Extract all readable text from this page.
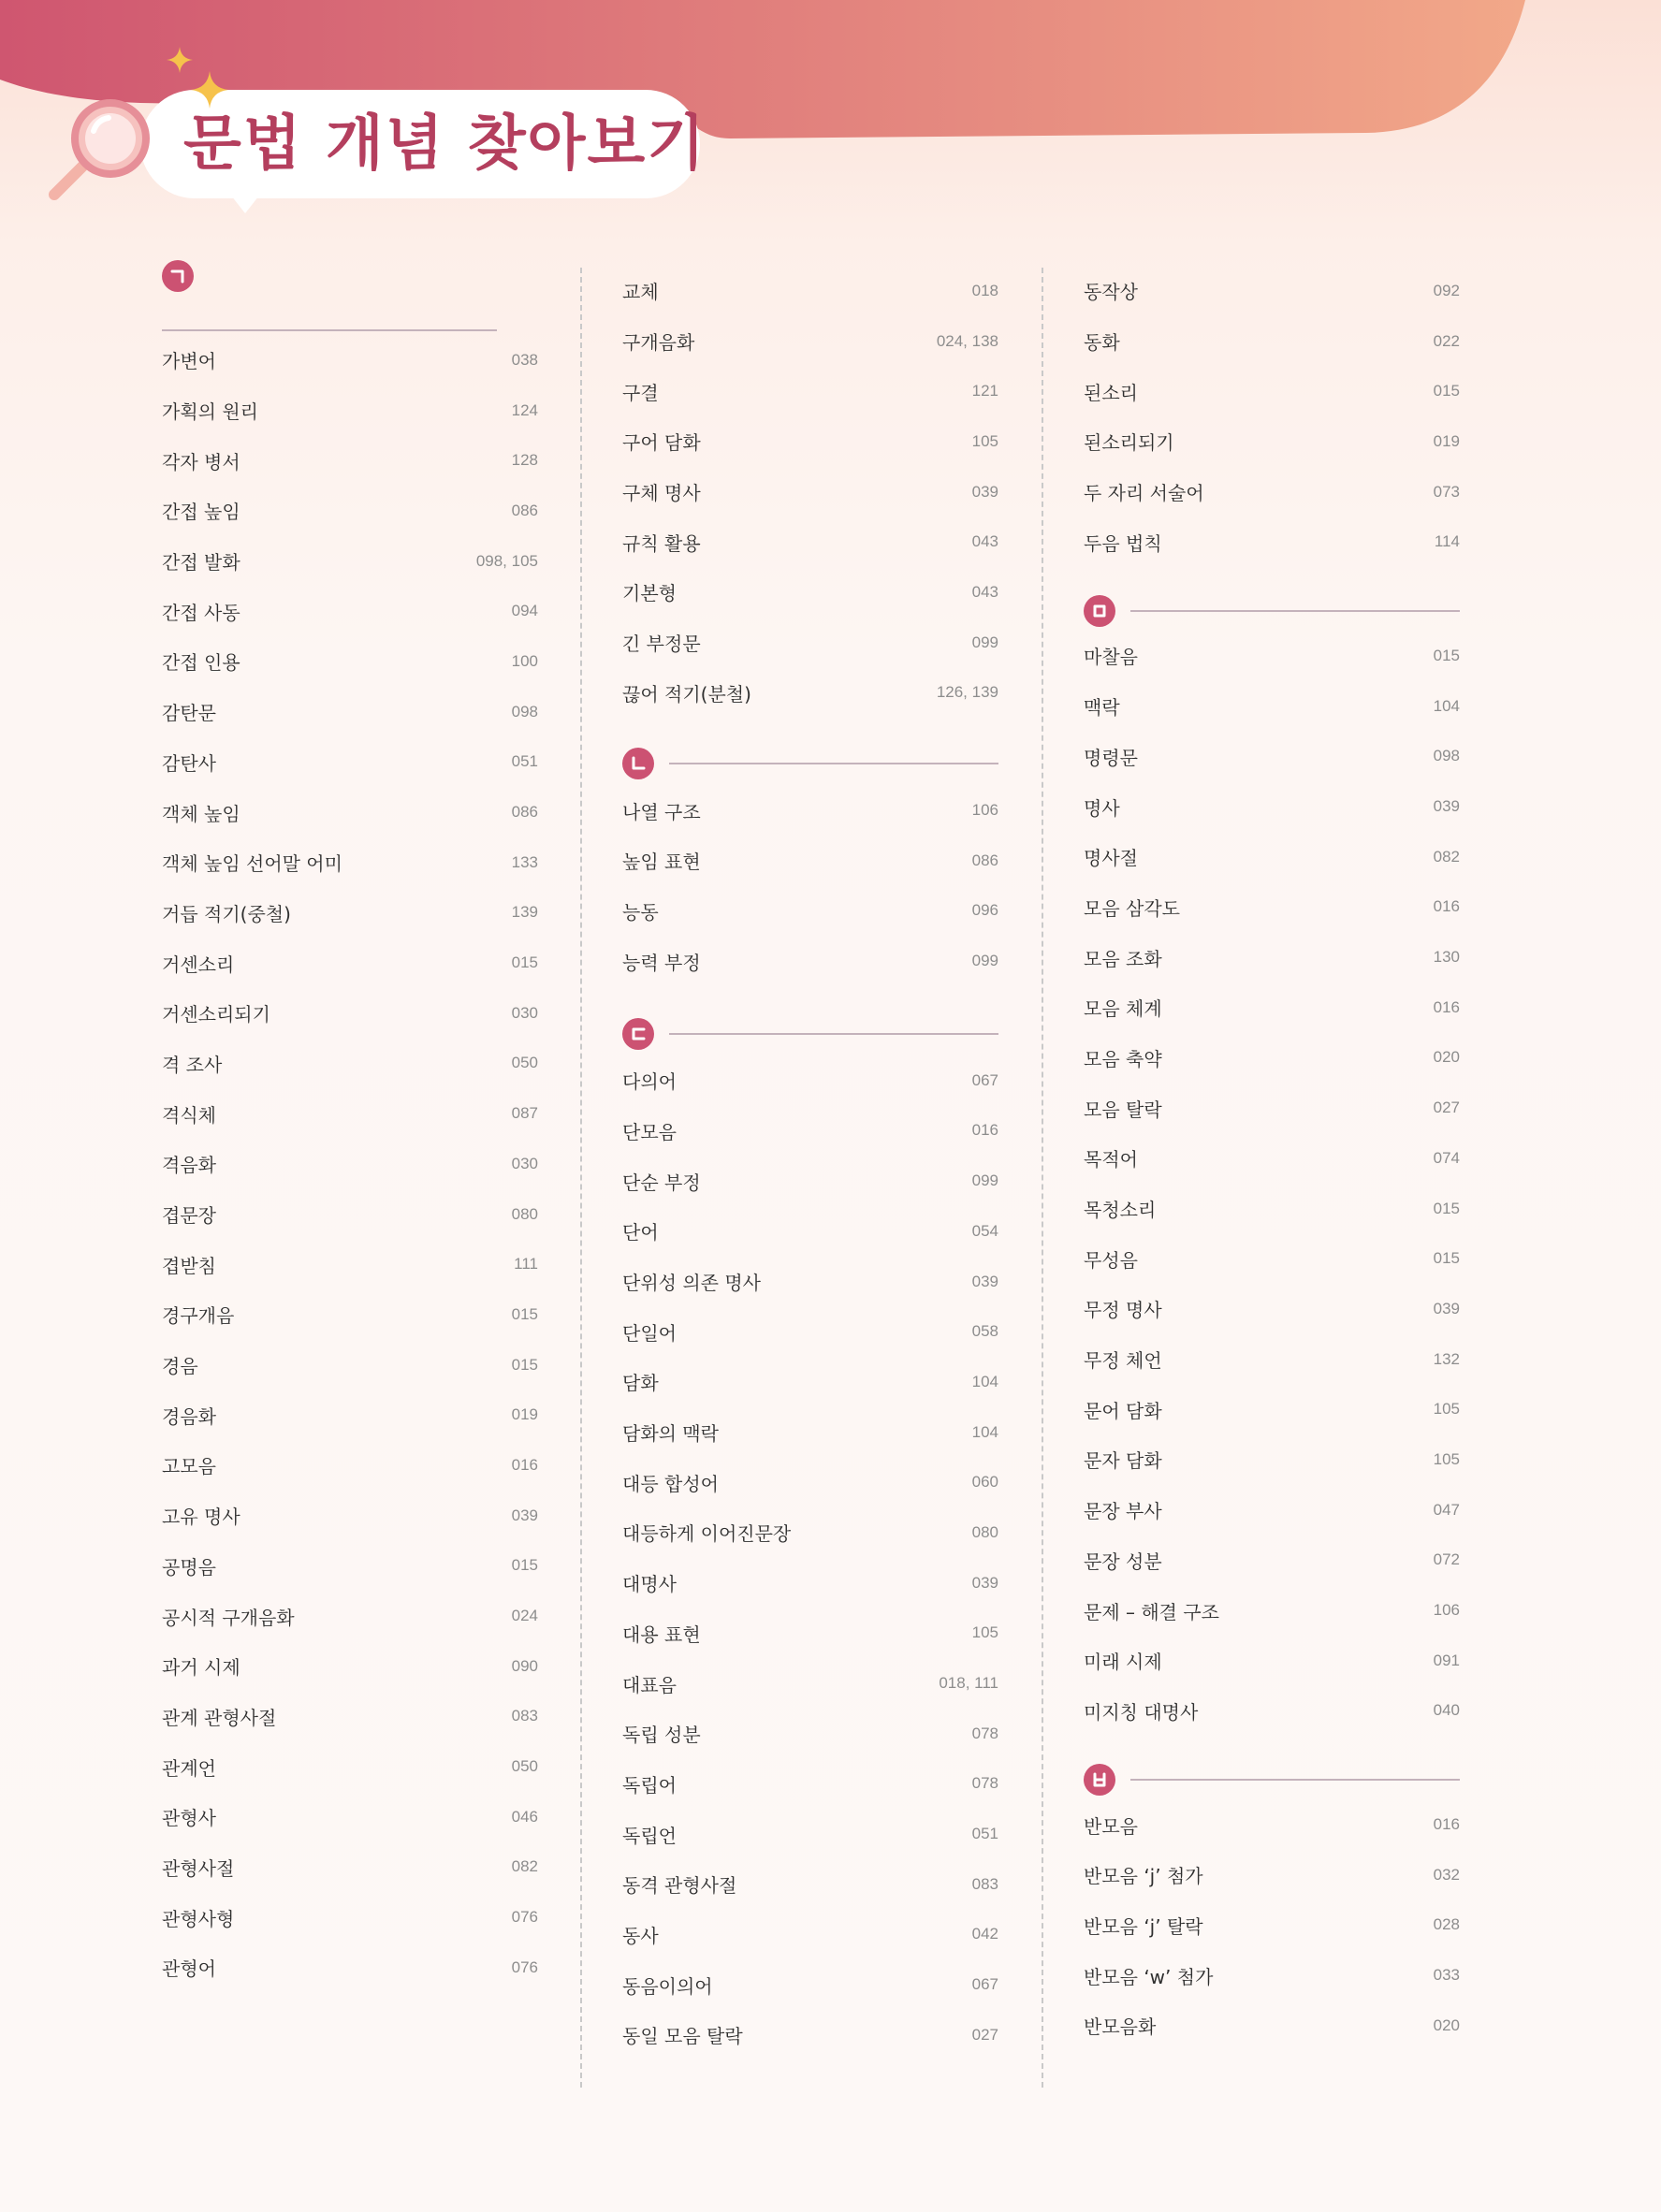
문법 개념 찾아보기
가변어	038
가획의 원리	124
각자 병서	128
간접 높임	086
간접 발화	098, 105
간접 사동	094
간접 인용	100
감탄문	098
감탄사	051
객체 높임	086
객체 높임 선어말 어미	133
거듭 적기(중철)	139
거센소리	015
거센소리되기	030
격 조사	050
격식체	087
격음화	030
겹문장	080
겹받침	111
경구개음	015
경음	015
경음화	019
고모음	016
고유 명사	039
공명음	015
공시적 구개음화	024
과거 시제	090
관계 관형사절	083
관계언	050
관형사	046
관형사절	082
관형사형	076
관형어	076
교체	018
구개음화	024, 138
구결	121
구어 담화	105
구체 명사	039
규칙 활용	043
기본형	043
긴 부정문	099
끊어 적기(분철)	126, 139
나열 구조	106
높임 표현	086
능동	096
능력 부정	099
다의어	067
단모음	016
단순 부정	099
단어	054
단위성 의존 명사	039
단일어	058
담화	104
담화의 맥락	104
대등 합성어	060
대등하게 이어진문장	080
대명사	039
대용 표현	105
대표음	018, 111
독립 성분	078
독립어	078
독립언	051
동격 관형사절	083
동사	042
동음이의어	067
동일 모음 탈락	027
동작상	092
동화	022
된소리	015
된소리되기	019
두 자리 서술어	073
두음 법칙	114
마찰음	015
맥락	104
명령문	098
명사	039
명사절	082
모음 삼각도	016
모음 조화	130
모음 체계	016
모음 축약	020
모음 탈락	027
목적어	074
목청소리	015
무성음	015
무정 명사	039
무정 체언	132
문어 담화	105
문자 담화	105
문장 부사	047
문장 성분	072
문제 – 해결 구조	106
미래 시제	091
미지칭 대명사	040
반모음	016
반모음 ‘j’ 첨가	032
반모음 ‘j’ 탈락	028
반모음 ‘w’ 첨가	033
반모음화	020
